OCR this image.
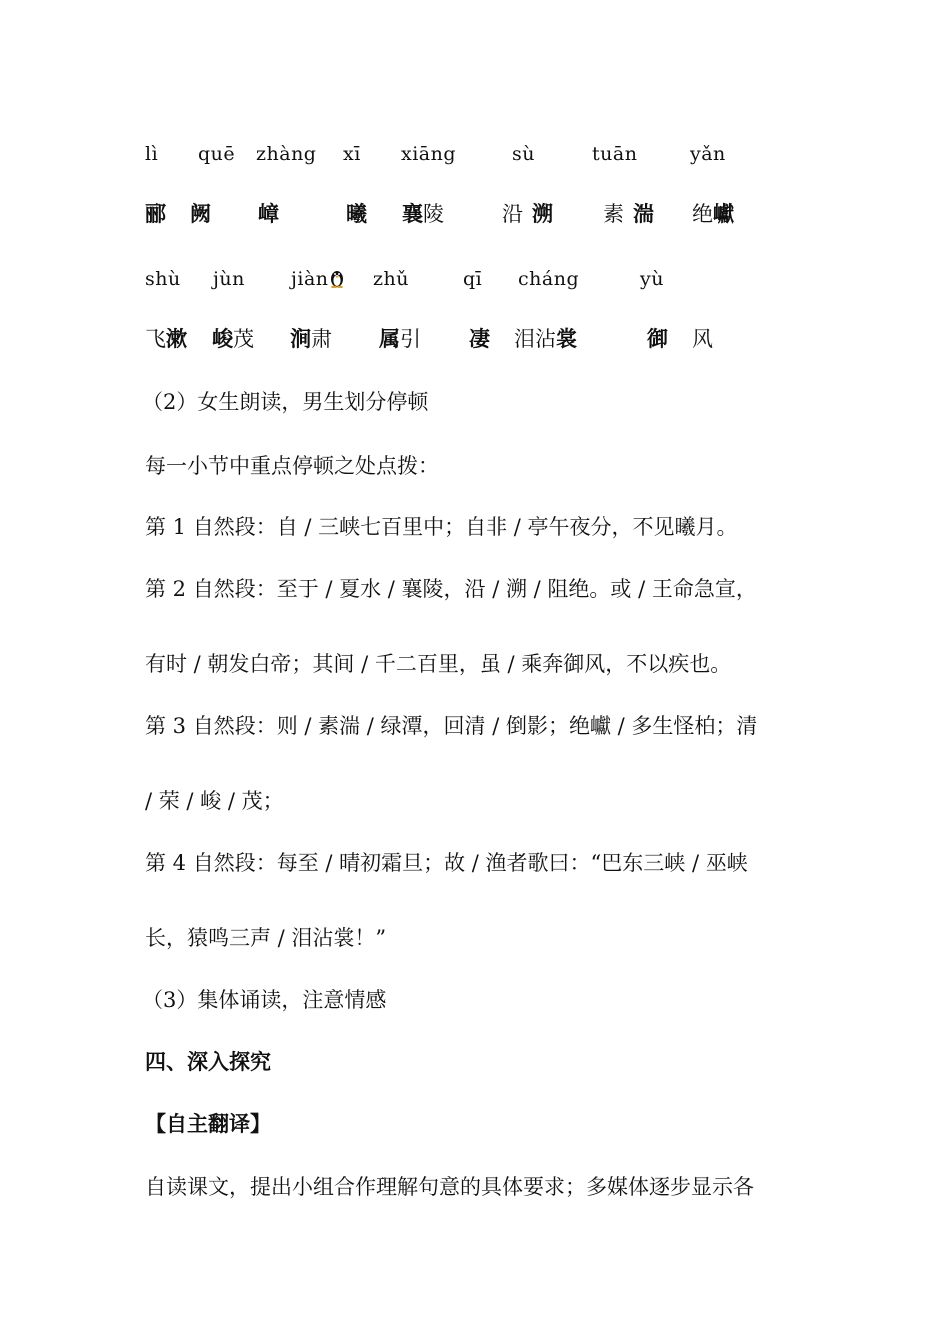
lì quē zhàng xī xiāng	sù	tuān	yǎn
郦 阙 嶂	曦 襄陵	沿 溯 素 湍 绝巘
shù jùn jiàn	zhǔ	qī cháng	yù
飞漱 峻茂 涧肃 属引 凄 泪沾裳	御 风
（2）女生朗读，男生划分停顿
每一小节中重点停顿之处点拨：
第 1 自然段：自 / 三峡七百里中；自非 / 亭午夜分，不见曦月。
第 2 自然段：至于 / 夏水 / 襄陵，沿 / 溯 / 阻绝。或 / 王命急宣，
有时 / 朝发白帝；其间 / 千二百里，虽 / 乘奔御风，不以疾也。
第 3 自然段：则 / 素湍 / 绿潭，回清 / 倒影；绝巘 / 多生怪柏；清
/ 荣 / 峻 / 茂；
第 4 自然段：每至 / 晴初霜旦；故 / 渔者歌曰：“巴东三峡 / 巫峡
长，猿鸣三声 / 泪沾裳！”
（3）集体诵读，注意情感
四、深入探究
【自主翻译】
自读课文，提出小组合作理解句意的具体要求；多媒体逐步显示各
